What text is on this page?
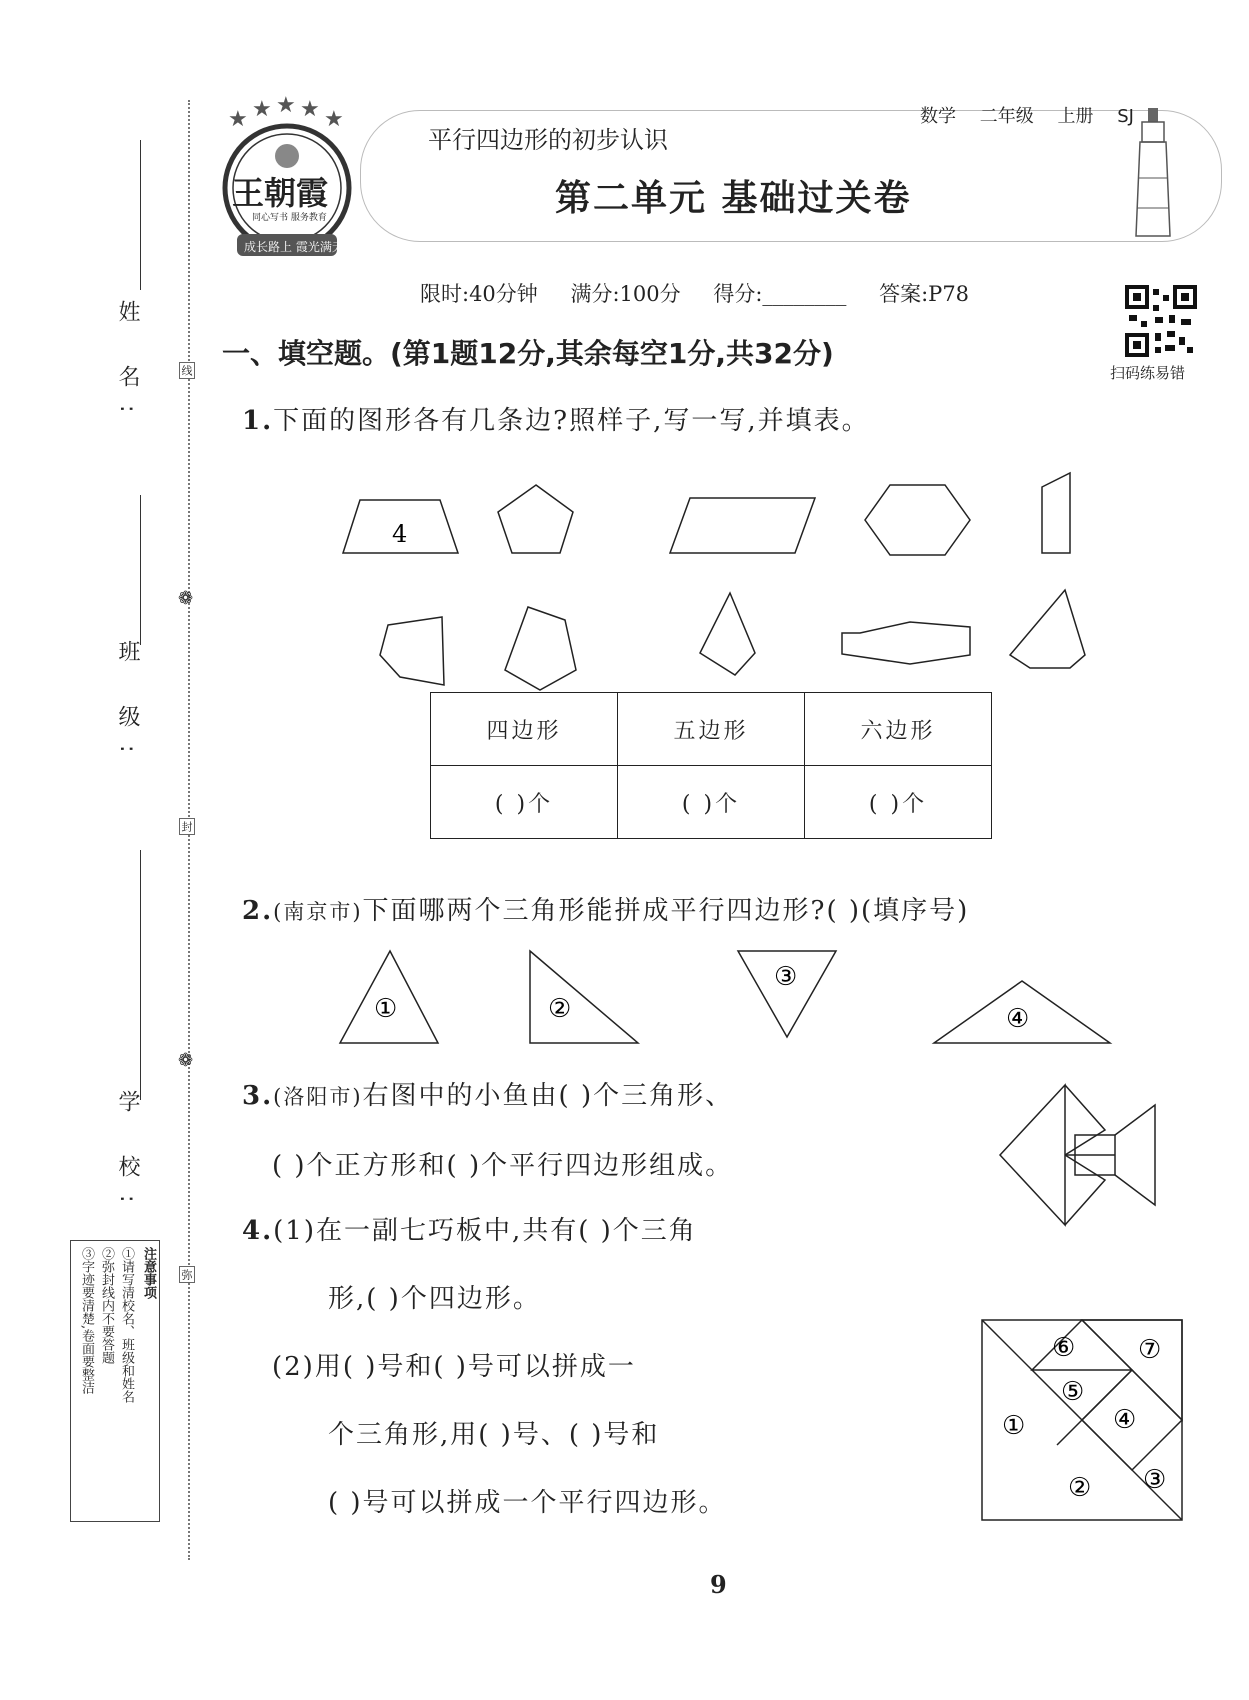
姓 名:
班 级:
学 校:
线
封
弥
❁
❁
注意事项
①请写清校名、班级和姓名
②弥封线内不要答题
③字迹要清楚,卷面要整洁
★ ★ ★ ★ ★
王朝霞
同心写书 服务教育
成长路上 霞光满天
平行四边形的初步认识
第二单元 基础过关卷
数学 二年级 上册 SJ
限时:40分钟 满分:100分 得分:________ 答案:P78
扫码练易错
一、填空题。(第1题12分,其余每空1分,共32分)
1.下面的图形各有几条边?照样子,写一写,并填表。
4
四边形	五边形	六边形
( )个	( )个	( )个
2.(南京市)下面哪两个三角形能拼成平行四边形?( )(填序号)
①	②
③
④
3.(洛阳市)右图中的小鱼由( )个三角形、
( )个正方形和( )个平行四边形组成。
4.(1)在一副七巧板中,共有( )个三角
形,( )个四边形。
(2)用( )号和( )号可以拼成一
个三角形,用( )号、( )号和
( )号可以拼成一个平行四边形。
①
② ③
④
⑤
⑥ ⑦
9
